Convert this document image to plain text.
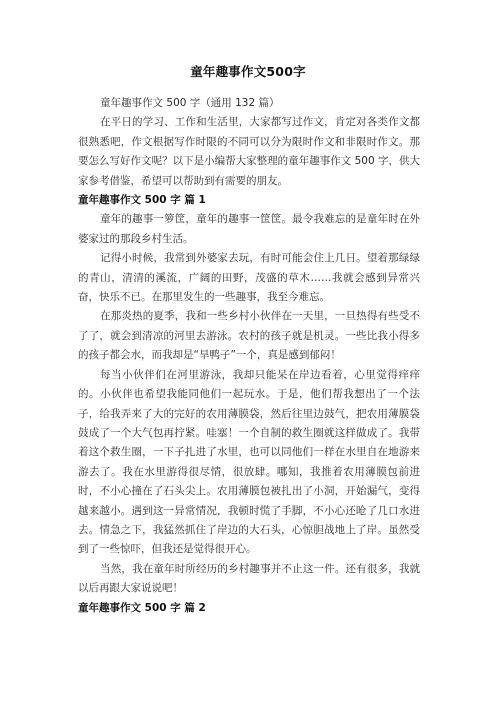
童年趣事作文500字

童年趣事作文 500 字（通用 132 篇）

在平日的学习、工作和生活里，大家都写过作文，肯定对各类作文都很熟悉吧，作文根据写作时限的不同可以分为限时作文和非限时作文。那要怎么写好作文呢？以下是小编帮大家整理的童年趣事作文 500 字，供大家参考借鉴，希望可以帮助到有需要的朋友。

童年趣事作文 500 字 篇 1

童年的趣事一箩筐，童年的趣事一筐筐。最令我难忘的是童年时在外婆家过的那段乡村生活。

记得小时候，我常到外婆家去玩，有时可能会住上几日。望着那绿绿的青山，清清的溪流，广阔的田野，茂盛的草木……我就会感到异常兴奋，快乐不已。在那里发生的一些趣事，我至今难忘。

在那炎热的夏季，我和一些乡村小伙伴在一天里，一旦热得有些受不了了，就会到清凉的河里去游泳。农村的孩子就是机灵。一些比我小得多的孩子都会水，而我却是“旱鸭子”一个，真是感到郁闷！

每当小伙伴们在河里游泳，我却只能呆在岸边看着，心里觉得痒痒的。小伙伴也希望我能同他们一起玩水。于是，他们帮我想出了一个法子，给我弄来了大的完好的农用薄膜袋，然后往里边鼓气，把农用薄膜袋鼓成了一个大气包再拧紧。哇塞！一个自制的救生圈就这样做成了。我带着这个救生圈，一下子扎进了水里，也可以同他们一样在水里自在地游来游去了。我在水里游得很尽情，很放肆。哪知，我推着农用薄膜包前进时，不小心撞在了石头尖上。农用薄膜包被扎出了小洞，开始漏气，变得越来越小。遇到这一异常情况，我顿时慌了手脚，不小心还呛了几口水进去。情急之下，我猛然抓住了岸边的大石头，心惊胆战地上了岸。虽然受到了一些惊吓，但我还是觉得很开心。

当然，我在童年时所经历的乡村趣事并不止这一件。还有很多，我就以后再跟大家说说吧！

童年趣事作文 500 字 篇 2
